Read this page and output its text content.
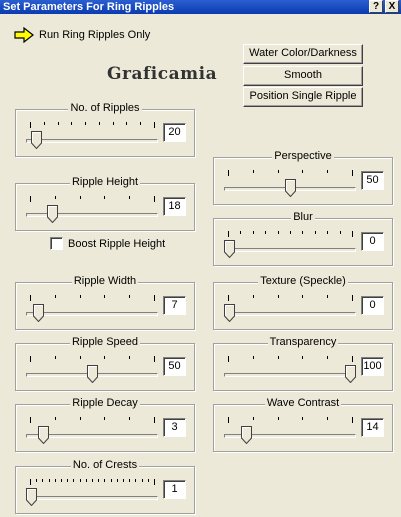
Set Parameters For Ring Ripples	? X
Run Ring Ripples Only
Graficamia
Water Color/Darkness
Smooth
Position Single Ripple
No. of Ripples
20
Perspective
50
Ripple Height
18
Blur
0
Ripple Width
7
Texture (Speckle)
0
Ripple Speed
50
Transparency
100
Ripple Decay
3
Wave Contrast
14
No. of Crests
1
Boost Ripple Height
